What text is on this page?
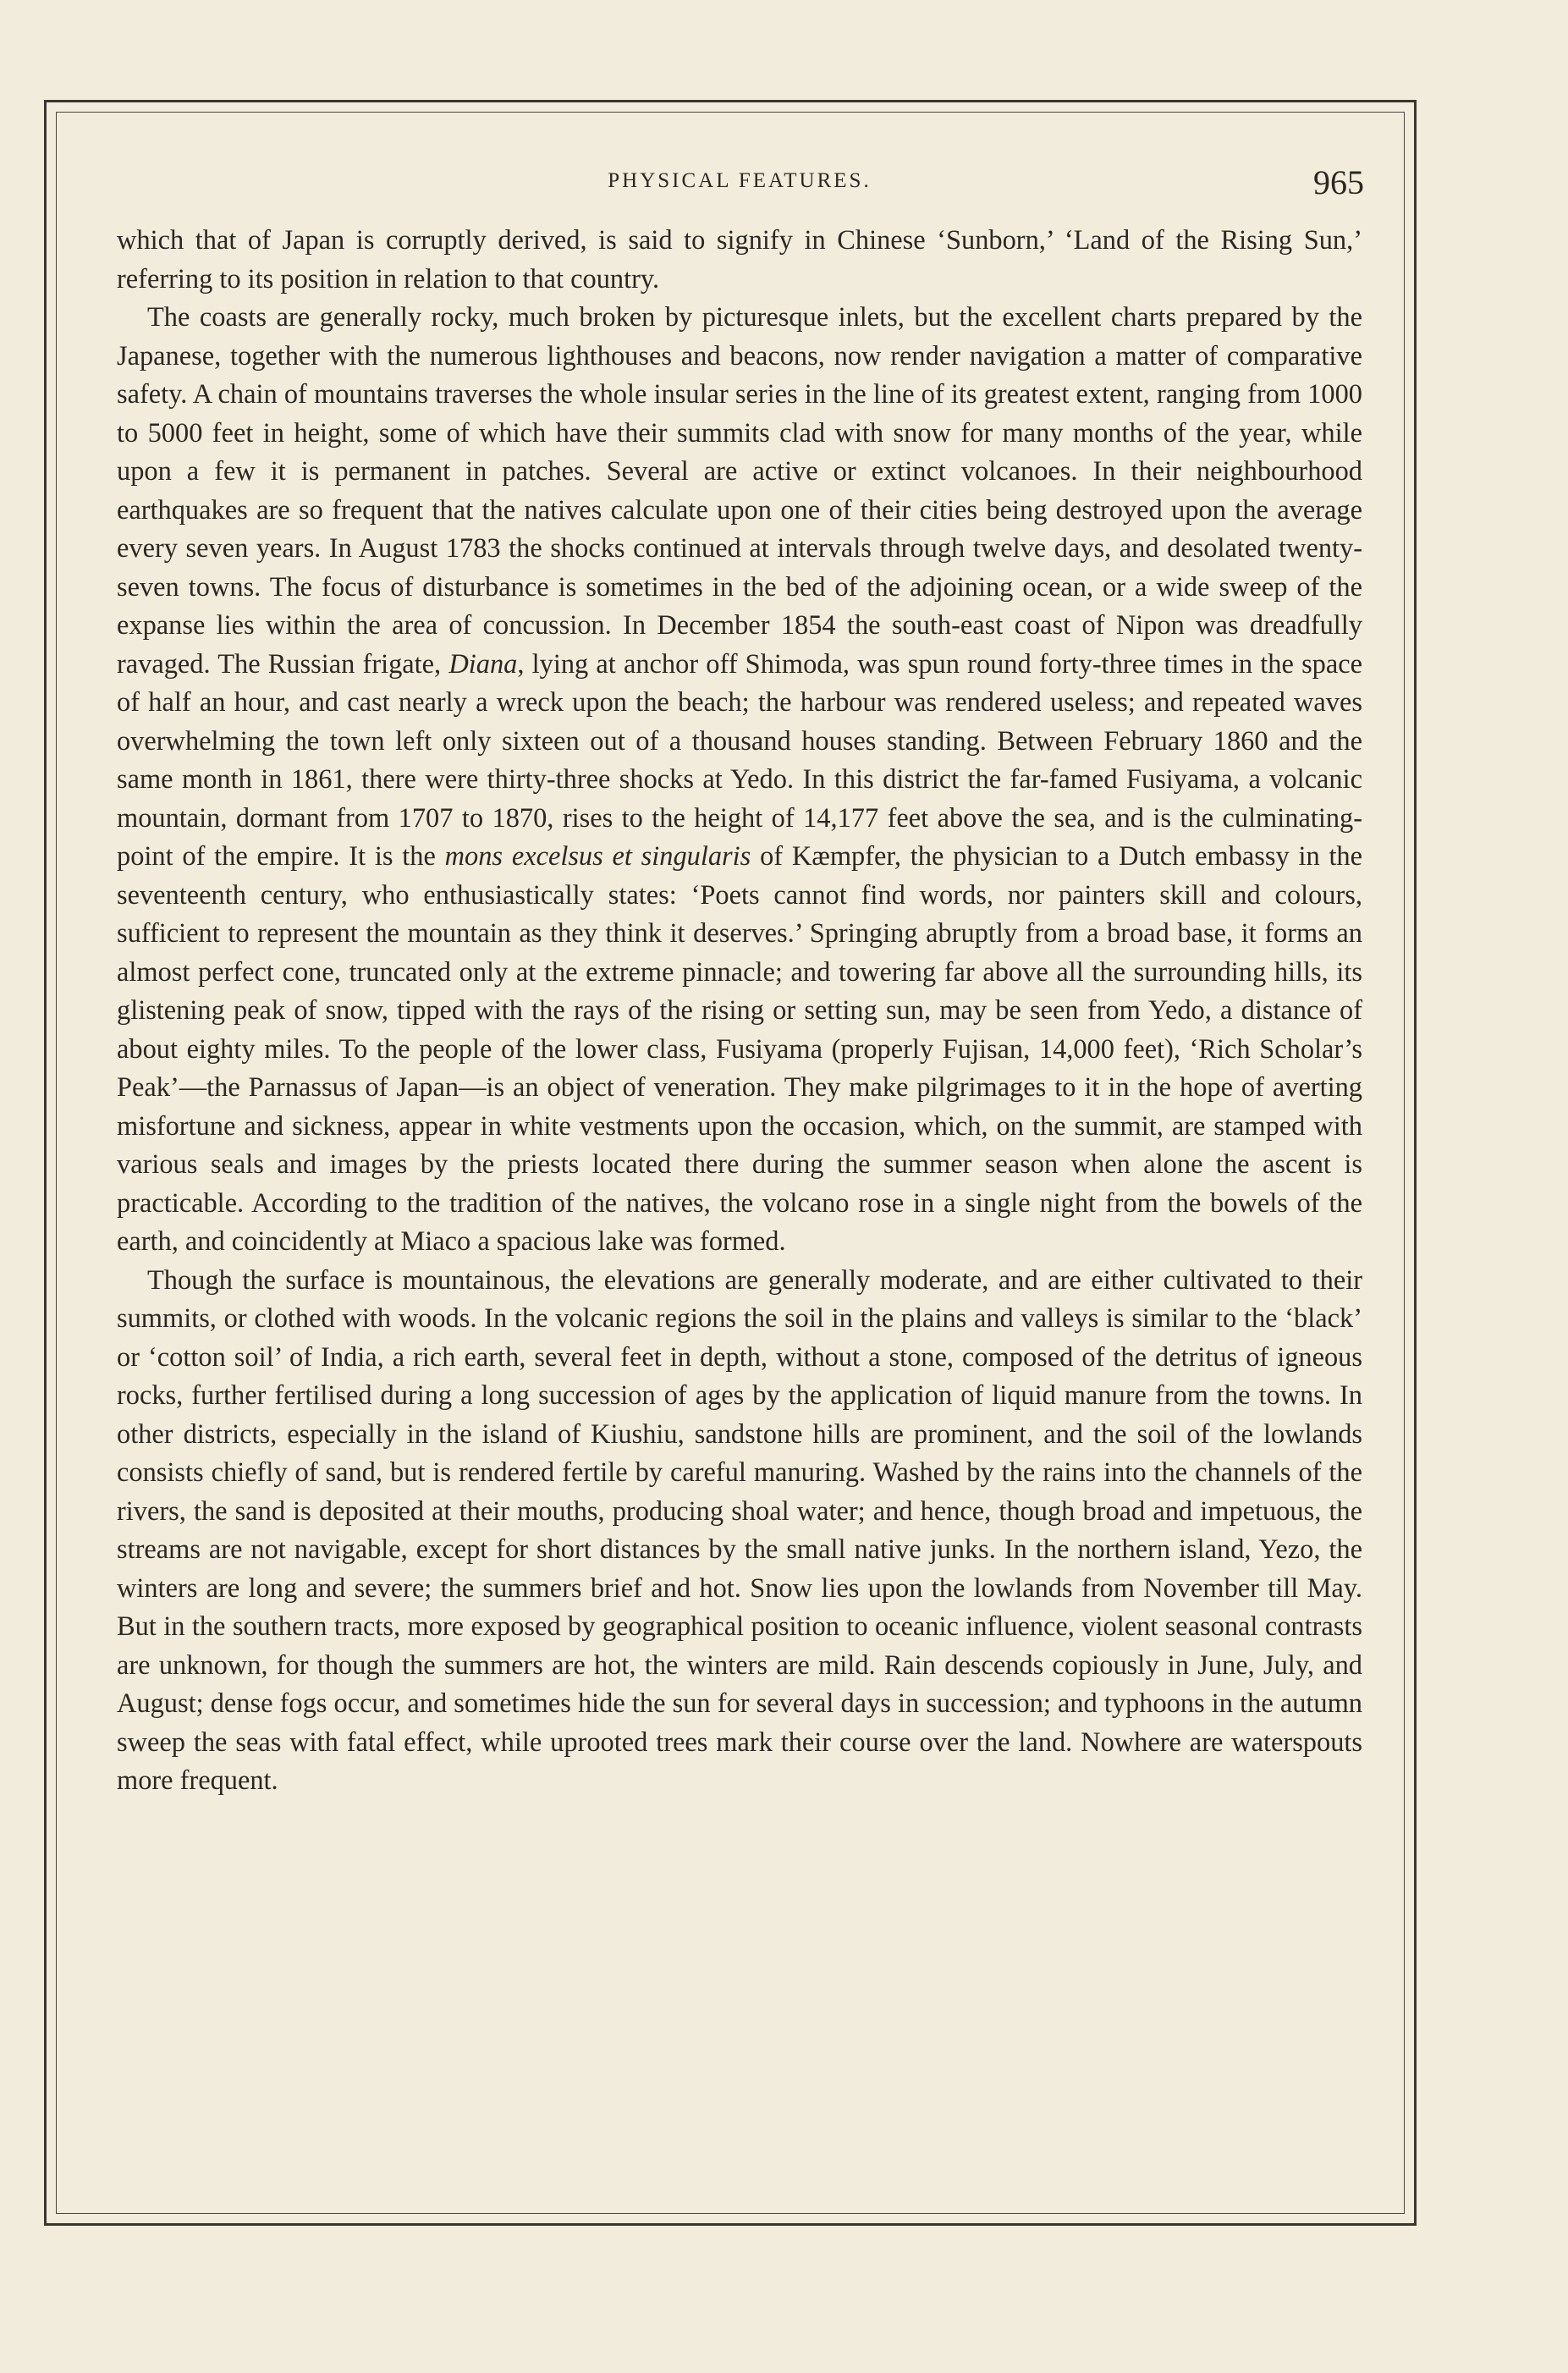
PHYSICAL FEATURES.	965

which that of Japan is corruptly derived, is said to signify in Chinese ‘Sunborn,’ ‘Land of the Rising Sun,’ referring to its position in relation to that country.

The coasts are generally rocky, much broken by picturesque inlets, but the excellent charts prepared by the Japanese, together with the numerous lighthouses and beacons, now render navigation a matter of comparative safety. A chain of mountains traverses the whole insular series in the line of its greatest extent, ranging from 1000 to 5000 feet in height, some of which have their summits clad with snow for many months of the year, while upon a few it is permanent in patches. Several are active or extinct volcanoes. In their neighbourhood earthquakes are so frequent that the natives calculate upon one of their cities being destroyed upon the average every seven years. In August 1783 the shocks continued at intervals through twelve days, and desolated twenty-seven towns. The focus of disturbance is sometimes in the bed of the adjoining ocean, or a wide sweep of the expanse lies within the area of concussion. In December 1854 the south-east coast of Nipon was dreadfully ravaged. The Russian frigate, Diana, lying at anchor off Shimoda, was spun round forty-three times in the space of half an hour, and cast nearly a wreck upon the beach; the harbour was rendered useless; and repeated waves overwhelming the town left only sixteen out of a thousand houses standing. Between February 1860 and the same month in 1861, there were thirty-three shocks at Yedo. In this district the far-famed Fusiyama, a volcanic mountain, dormant from 1707 to 1870, rises to the height of 14,177 feet above the sea, and is the culminating-point of the empire. It is the mons excelsus et singularis of Kæmpfer, the physician to a Dutch embassy in the seventeenth century, who enthusiastically states: ‘Poets cannot find words, nor painters skill and colours, sufficient to represent the mountain as they think it deserves.’ Springing abruptly from a broad base, it forms an almost perfect cone, truncated only at the extreme pinnacle; and towering far above all the surrounding hills, its glistening peak of snow, tipped with the rays of the rising or setting sun, may be seen from Yedo, a distance of about eighty miles. To the people of the lower class, Fusiyama (properly Fujisan, 14,000 feet), ‘Rich Scholar’s Peak’—the Parnassus of Japan—is an object of veneration. They make pilgrimages to it in the hope of averting misfortune and sickness, appear in white vestments upon the occasion, which, on the summit, are stamped with various seals and images by the priests located there during the summer season when alone the ascent is practicable. According to the tradition of the natives, the volcano rose in a single night from the bowels of the earth, and coincidently at Miaco a spacious lake was formed.

Though the surface is mountainous, the elevations are generally moderate, and are either cultivated to their summits, or clothed with woods. In the volcanic regions the soil in the plains and valleys is similar to the ‘black’ or ‘cotton soil’ of India, a rich earth, several feet in depth, without a stone, composed of the detritus of igneous rocks, further fertilised during a long succession of ages by the application of liquid manure from the towns. In other districts, especially in the island of Kiushiu, sandstone hills are prominent, and the soil of the lowlands consists chiefly of sand, but is rendered fertile by careful manuring. Washed by the rains into the channels of the rivers, the sand is deposited at their mouths, producing shoal water; and hence, though broad and impetuous, the streams are not navigable, except for short distances by the small native junks. In the northern island, Yezo, the winters are long and severe; the summers brief and hot. Snow lies upon the lowlands from November till May. But in the southern tracts, more exposed by geographical position to oceanic influence, violent seasonal contrasts are unknown, for though the summers are hot, the winters are mild. Rain descends copiously in June, July, and August; dense fogs occur, and sometimes hide the sun for several days in succession; and typhoons in the autumn sweep the seas with fatal effect, while uprooted trees mark their course over the land. Nowhere are waterspouts more frequent.
